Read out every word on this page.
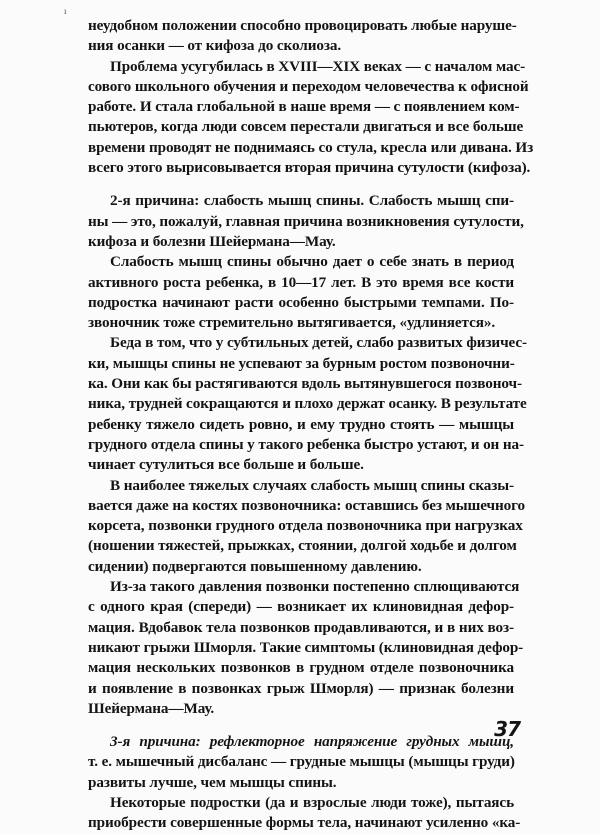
ı
неудобном положении способно провоцировать любые наруше-
ния осанки — от кифоза до сколиоза.
Проблема усугубилась в XVIII—XIX веках — с началом мас-
сового школьного обучения и переходом человечества к офисной
работе. И стала глобальной в наше время — с появлением ком-
пьютеров, когда люди совсем перестали двигаться и все больше
времени проводят не поднимаясь со стула, кресла или дивана. Из
всего этого вырисовывается вторая причина сутулости (кифоза).
2-я причина: слабость мышц спины. Слабость мышц спи-
ны — это, пожалуй, главная причина возникновения сутулости,
кифоза и болезни Шейермана—Мау.
Слабость мышц спины обычно дает о себе знать в период
активного роста ребенка, в 10—17 лет. В это время все кости
подростка начинают расти особенно быстрыми темпами. По-
звоночник тоже стремительно вытягивается, «удлиняется».
Беда в том, что у субтильных детей, слабо развитых физичес-
ки, мышцы спины не успевают за бурным ростом позвоночни-
ка. Они как бы растягиваются вдоль вытянувшегося позвоноч-
ника, трудней сокращаются и плохо держат осанку. В результате
ребенку тяжело сидеть ровно, и ему трудно стоять — мышцы
грудного отдела спины у такого ребенка быстро устают, и он на-
чинает сутулиться все больше и больше.
В наиболее тяжелых случаях слабость мышц спины сказы-
вается даже на костях позвоночника: оставшись без мышечного
корсета, позвонки грудного отдела позвоночника при нагрузках
(ношении тяжестей, прыжках, стоянии, долгой ходьбе и долгом
сидении) подвергаются повышенному давлению.
Из-за такого давления позвонки постепенно сплющиваются
с одного края (спереди) — возникает их клиновидная дефор-
мация. Вдобавок тела позвонков продавливаются, и в них воз-
никают грыжи Шморля. Такие симптомы (клиновидная дефор-
мация нескольких позвонков в грудном отделе позвоночника
и появление в позвонках грыж Шморля) — признак болезни
Шейермана—Мау.
3-я причина: рефлекторное напряжение грудных мышц,
т. е. мышечный дисбаланс — грудные мышцы (мышцы груди)
развиты лучше, чем мышцы спины.
Некоторые подростки (да и взрослые люди тоже), пытаясь
приобрести совершенные формы тела, начинают усиленно «ка-
37
